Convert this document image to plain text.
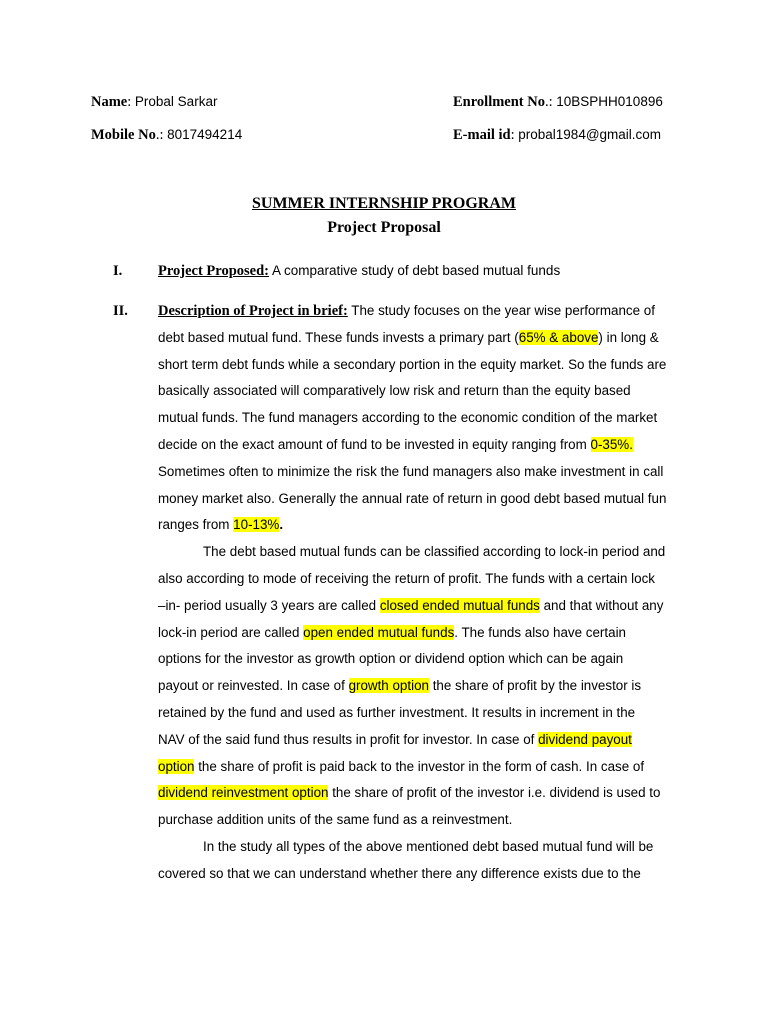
Name: Probal Sarkar	Enrollment No.: 10BSPHH010896
Mobile No.: 8017494214	E-mail id: probal1984@gmail.com
SUMMER INTERNSHIP PROGRAM
Project Proposal
I. Project Proposed: A comparative study of debt based mutual funds
II. Description of Project in brief: The study focuses on the year wise performance of
debt based mutual fund. These funds invests a primary part (65% & above) in long &
short term debt funds while a secondary portion in the equity market. So the funds are
basically associated will comparatively low risk and return than the equity based
mutual funds. The fund managers according to the economic condition of the market
decide on the exact amount of fund to be invested in equity ranging from 0-35%.
Sometimes often to minimize the risk the fund managers also make investment in call
money market also. Generally the annual rate of return in good debt based mutual fun
ranges from 10-13%.
The debt based mutual funds can be classified according to lock-in period and
also according to mode of receiving the return of profit. The funds with a certain lock
–in- period usually 3 years are called closed ended mutual funds and that without any
lock-in period are called open ended mutual funds. The funds also have certain
options for the investor as growth option or dividend option which can be again
payout or reinvested. In case of growth option the share of profit by the investor is
retained by the fund and used as further investment. It results in increment in the
NAV of the said fund thus results in profit for investor. In case of dividend payout
option the share of profit is paid back to the investor in the form of cash. In case of
dividend reinvestment option the share of profit of the investor i.e. dividend is used to
purchase addition units of the same fund as a reinvestment.
In the study all types of the above mentioned debt based mutual fund will be
covered so that we can understand whether there any difference exists due to the
